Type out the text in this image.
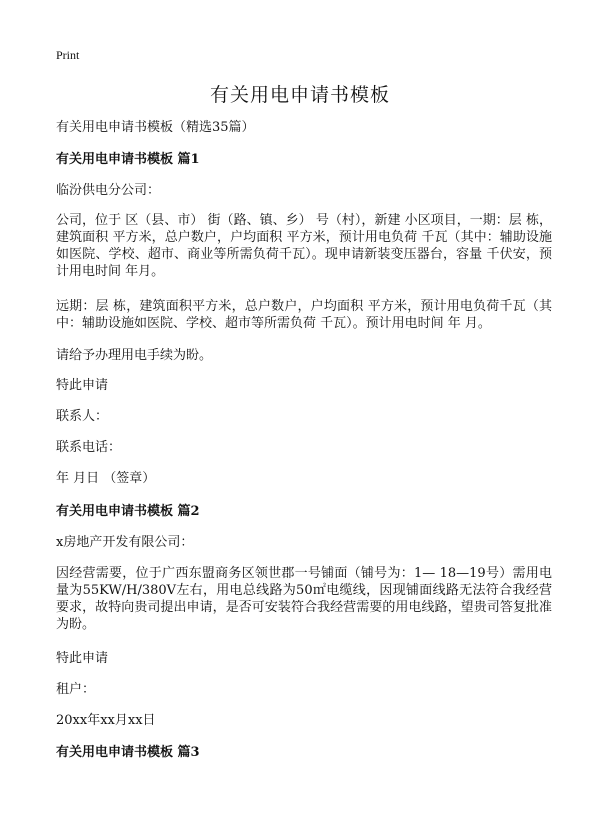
Print
有关用电申请书模板

有关用电申请书模板（精选35篇）

有关用电申请书模板 篇1

临汾供电分公司：

公司，位于 区（县、市） 街（路、镇、乡） 号（村），新建 小区项目，一期：层 栋，建筑面积 平方米，总户数户，户均面积 平方米，预计用电负荷 千瓦（其中：辅助设施如医院、学校、超市、商业等所需负荷千瓦）。现申请新装变压器台，容量 千伏安，预计用电时间 年月。

远期：层 栋，建筑面积平方米，总户数户，户均面积 平方米，预计用电负荷千瓦（其中：辅助设施如医院、学校、超市等所需负荷 千瓦）。预计用电时间 年 月。

请给予办理用电手续为盼。

特此申请

联系人：

联系电话：

年 月日 （签章）

有关用电申请书模板 篇2

x房地产开发有限公司：

因经营需要，位于广西东盟商务区领世郡一号铺面（铺号为：1— 18—19号）需用电量为55KW/H/380V左右，用电总线路为50㎡电缆线，因现铺面线路无法符合我经营要求，故特向贵司提出申请，是否可安装符合我经营需要的用电线路，望贵司答复批准为盼。

特此申请

租户：

20xx年xx月xx日

有关用电申请书模板 篇3
